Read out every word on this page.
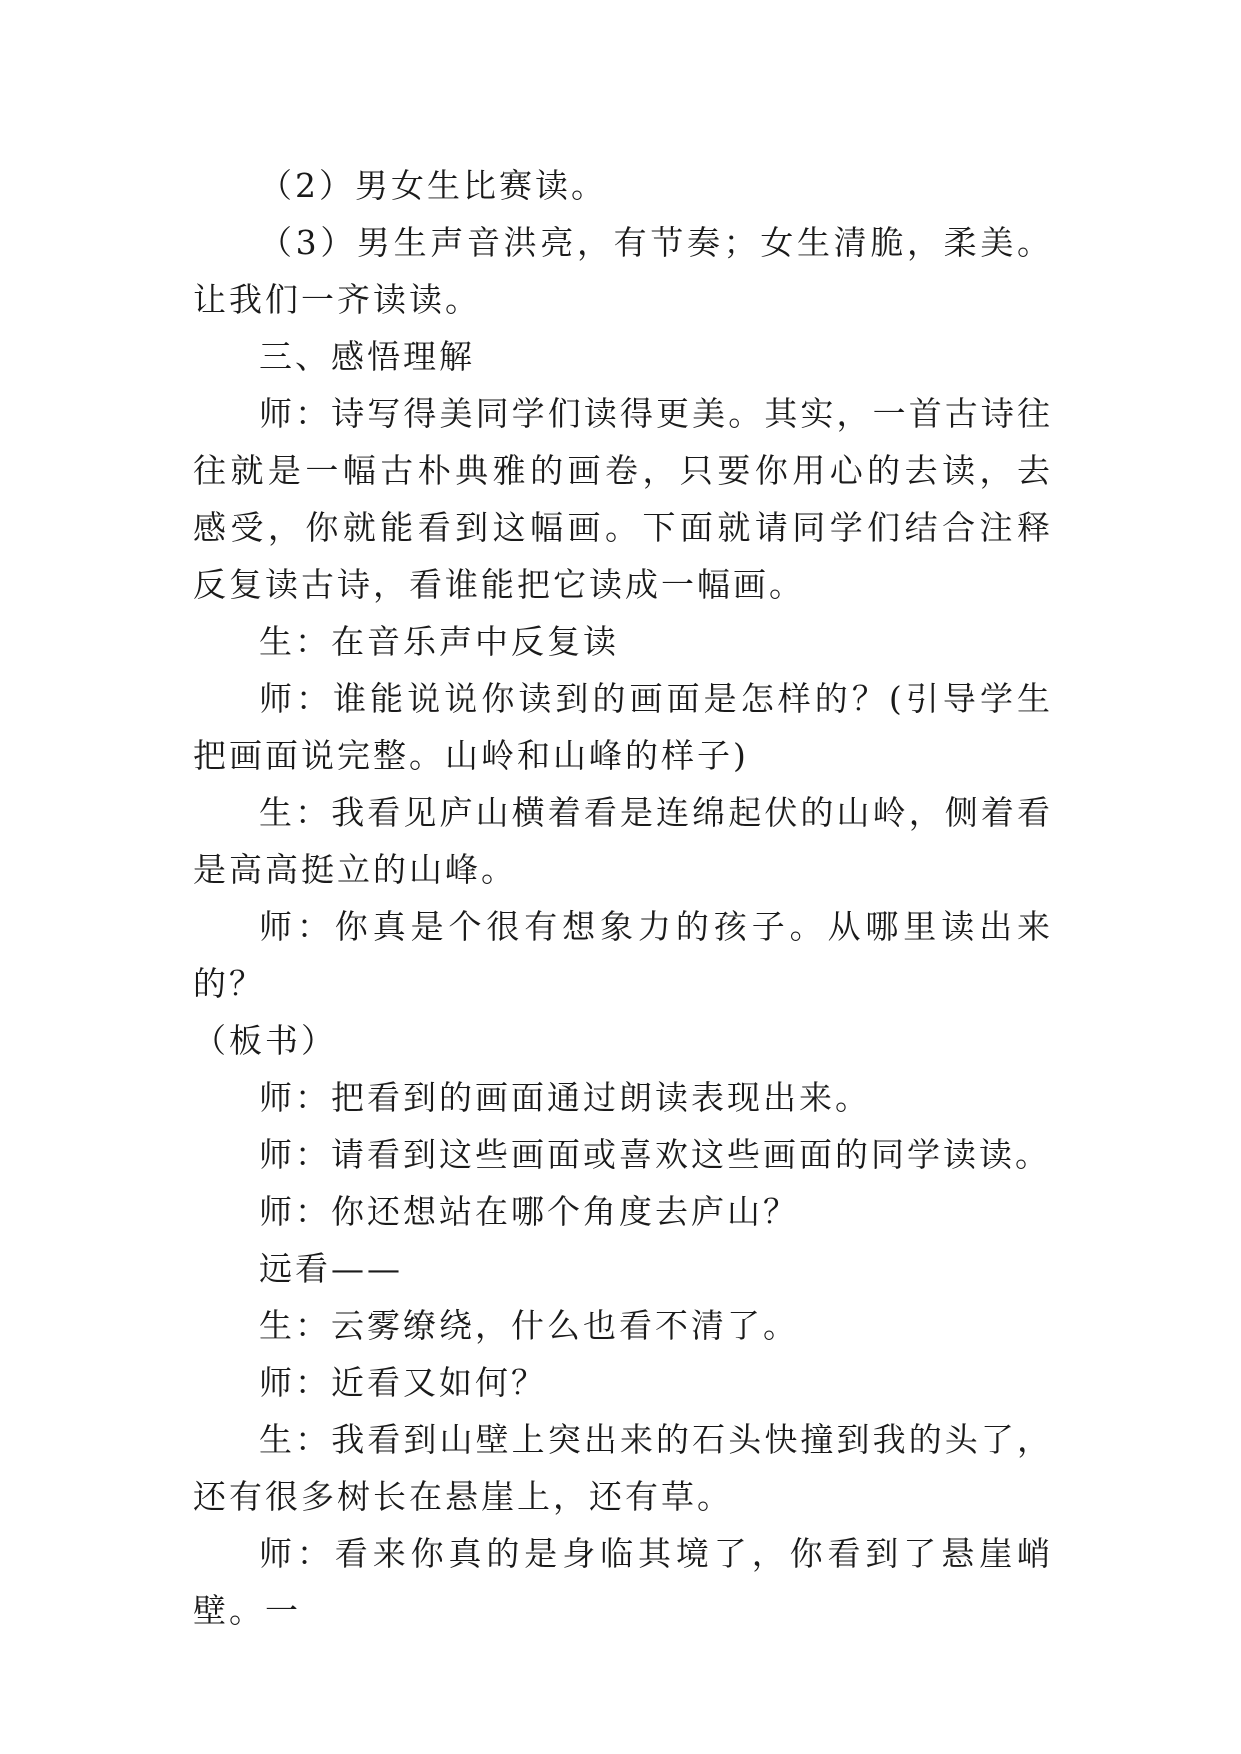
（2）男女生比赛读。

（3）男生声音洪亮，有节奏；女生清脆，柔美。让我们一齐读读。

三、感悟理解

师：诗写得美同学们读得更美。其实，一首古诗往往就是一幅古朴典雅的画卷，只要你用心的去读，去感受，你就能看到这幅画。下面就请同学们结合注释反复读古诗，看谁能把它读成一幅画。

生：在音乐声中反复读

师：谁能说说你读到的画面是怎样的？(引导学生把画面说完整。山岭和山峰的样子)

生：我看见庐山横着看是连绵起伏的山岭，侧着看是高高挺立的山峰。

师：你真是个很有想象力的孩子。从哪里读出来的？

（板书）

师：把看到的画面通过朗读表现出来。

师：请看到这些画面或喜欢这些画面的同学读读。

师：你还想站在哪个角度去庐山？

远看——

生：云雾缭绕，什么也看不清了。

师：近看又如何？

生：我看到山壁上突出来的石头快撞到我的头了，还有很多树长在悬崖上，还有草。

师：看来你真的是身临其境了，你看到了悬崖峭壁。一
